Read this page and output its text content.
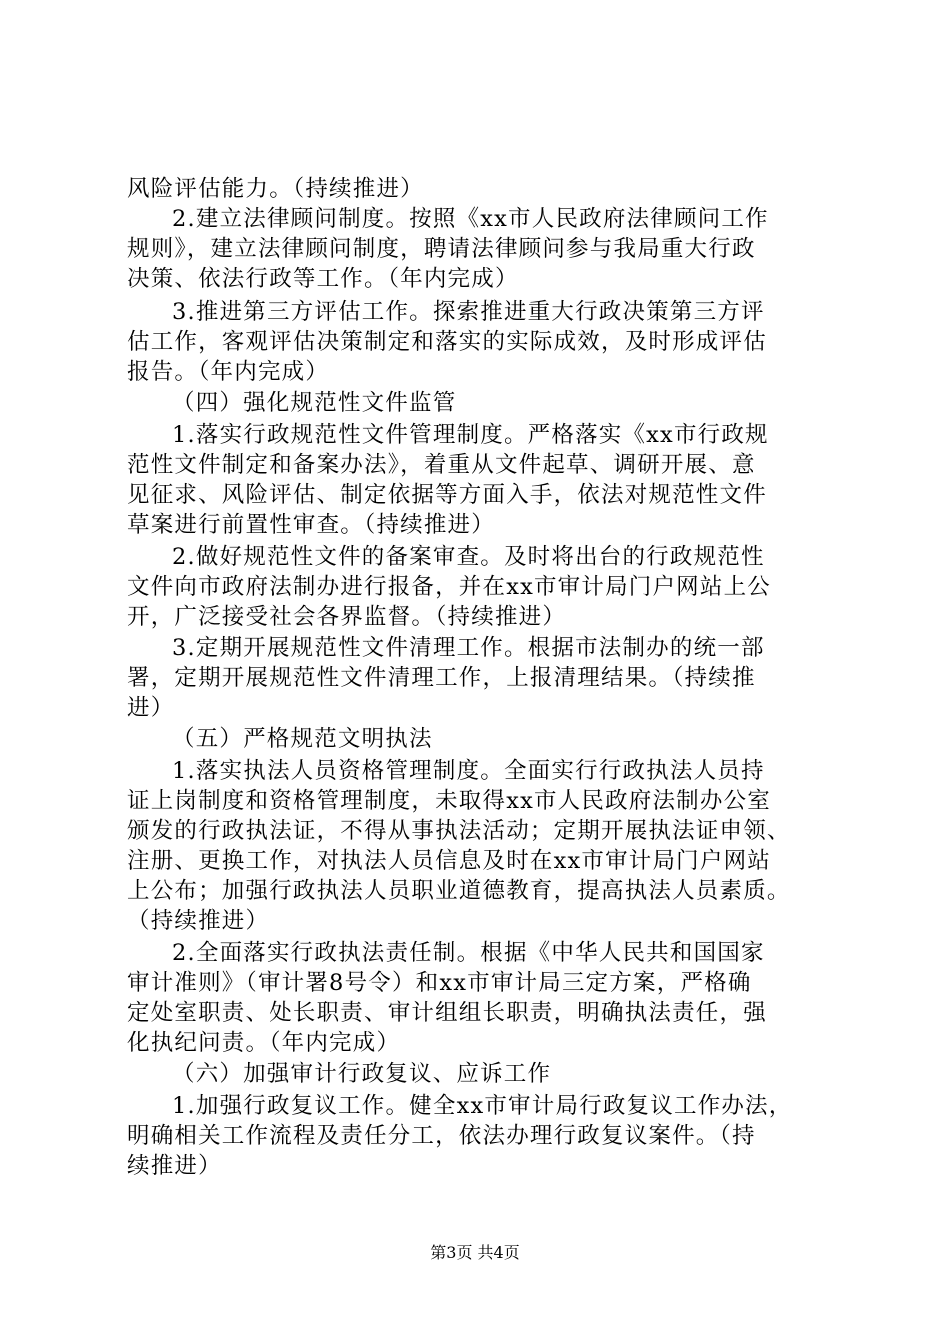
风险评估能力。（持续推进）
2.建立法律顾问制度。按照《xx市人民政府法律顾问工作
规则》，建立法律顾问制度，聘请法律顾问参与我局重大行政
决策、依法行政等工作。（年内完成）
3.推进第三方评估工作。探索推进重大行政决策第三方评
估工作，客观评估决策制定和落实的实际成效，及时形成评估
报告。（年内完成）
（四）强化规范性文件监管
1.落实行政规范性文件管理制度。严格落实《xx市行政规
范性文件制定和备案办法》，着重从文件起草、调研开展、意
见征求、风险评估、制定依据等方面入手，依法对规范性文件
草案进行前置性审查。（持续推进）
2.做好规范性文件的备案审查。及时将出台的行政规范性
文件向市政府法制办进行报备，并在xx市审计局门户网站上公
开，广泛接受社会各界监督。（持续推进）
3.定期开展规范性文件清理工作。根据市法制办的统一部
署，定期开展规范性文件清理工作，上报清理结果。（持续推
进）
（五）严格规范文明执法
1.落实执法人员资格管理制度。全面实行行政执法人员持
证上岗制度和资格管理制度，未取得xx市人民政府法制办公室
颁发的行政执法证，不得从事执法活动；定期开展执法证申领、
注册、更换工作，对执法人员信息及时在xx市审计局门户网站
上公布；加强行政执法人员职业道德教育，提高执法人员素质。
（持续推进）
2.全面落实行政执法责任制。根据《中华人民共和国国家
审计准则》（审计署8号令）和xx市审计局三定方案，严格确
定处室职责、处长职责、审计组组长职责，明确执法责任，强
化执纪问责。（年内完成）
（六）加强审计行政复议、应诉工作
1.加强行政复议工作。健全xx市审计局行政复议工作办法，
明确相关工作流程及责任分工，依法办理行政复议案件。（持
续推进）
第3页 共4页
